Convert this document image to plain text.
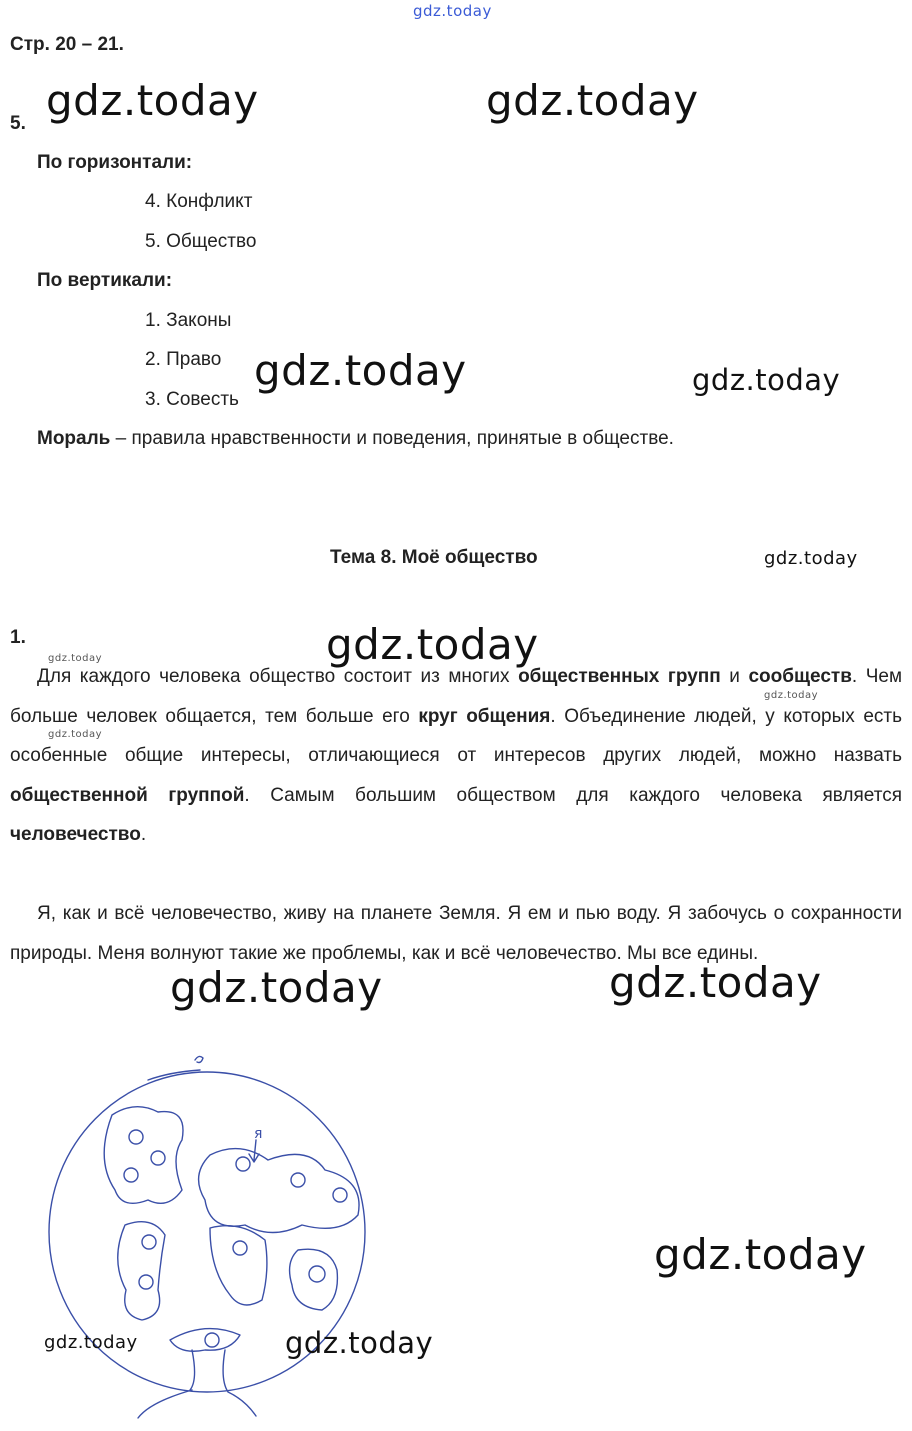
gdz.today
Стр. 20 – 21.
5.
По горизонтали:
4. Конфликт
5. Общество
По вертикали:
1. Законы
2. Право
3. Совесть
Мораль – правила нравственности и поведения, принятые в обществе.
Тема 8. Моё общество
1.
Для каждого человека общество состоит из многих общественных групп и сообществ. Чем больше человек общается, тем больше его круг общения. Объединение людей, у которых есть особенные общие интересы, отличающиеся от интересов других людей, можно назвать общественной группой. Самым большим обществом для каждого человека является человечество.
Я, как и всё человечество, живу на планете Земля. Я ем и пью воду. Я забочусь о сохранности природы. Меня волнуют такие же проблемы, как и всё человечество. Мы все едины.
я
gdz.today	gdz.today
gdz.today	gdz.today
gdz.today
gdz.today
gdz.today
gdz.today
gdz.today
gdz.today	gdz.today
gdz.today
gdz.today	gdz.today
